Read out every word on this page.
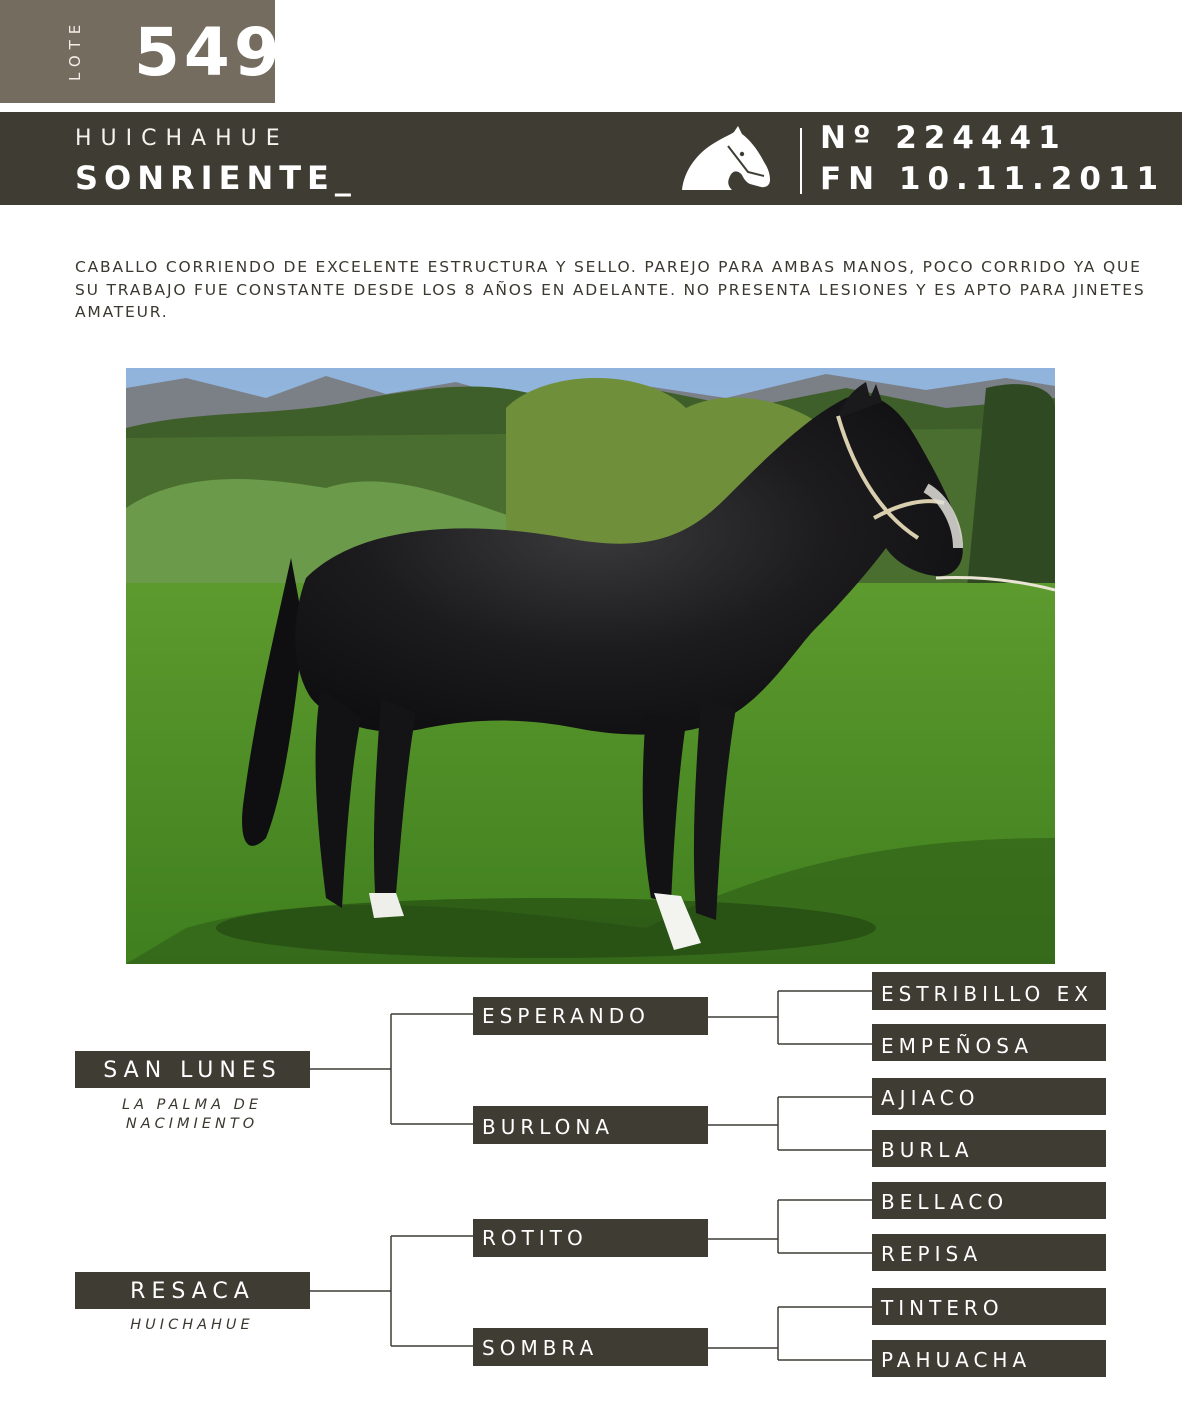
LOTE 549
HUICHAHUE
SONRIENTE_
Nº 224441
FN 10.11.2011
CABALLO CORRIENDO DE EXCELENTE ESTRUCTURA Y SELLO. PAREJO PARA AMBAS MANOS, POCO CORRIDO YA QUE SU TRABAJO FUE CONSTANTE DESDE LOS 8 AÑOS EN ADELANTE. NO PRESENTA LESIONES Y ES APTO PARA JINETES AMATEUR.
SAN LUNES
LA PALMA DE NACIMIENTO
RESACA
HUICHAHUE
ESPERANDO
BURLONA
ROTITO
SOMBRA
ESTRIBILLO EX
EMPEÑOSA
AJIACO
BURLA
BELLACO
REPISA
TINTERO
PAHUACHA
